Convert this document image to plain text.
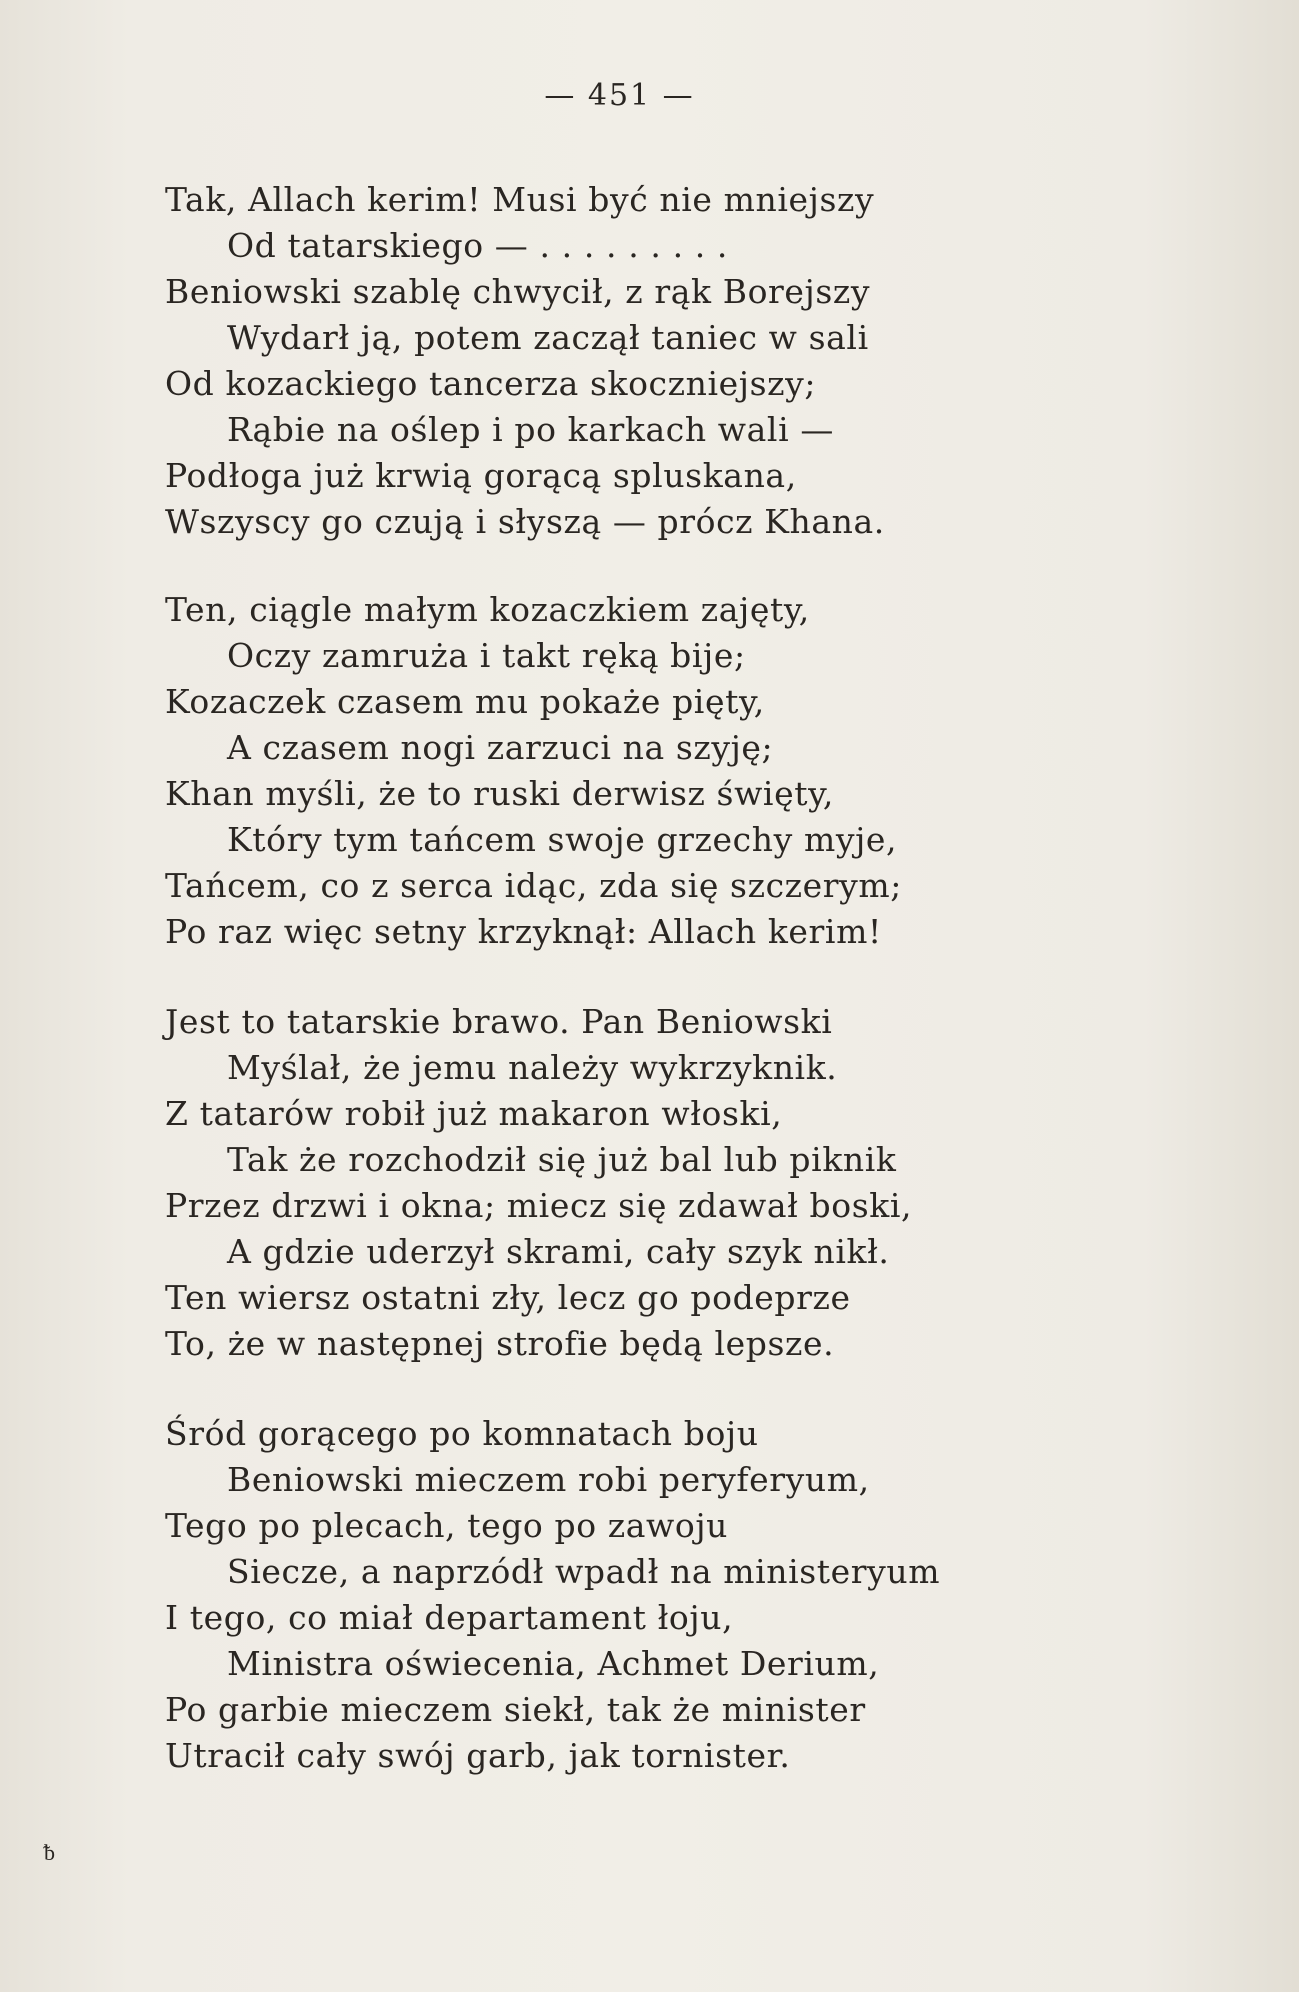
— 451 —
Tak, Allach kerim! Musi być nie mniejszy
Od tatarskiego — . . . . . . . . .
Beniowski szablę chwycił, z rąk Borejszy
Wydarł ją, potem zaczął taniec w sali
Od kozackiego tancerza skoczniejszy;
Rąbie na oślep i po karkach wali —
Podłoga już krwią gorącą spluskana,
Wszyscy go czują i słyszą — prócz Khana.
Ten, ciągle małym kozaczkiem zajęty,
Oczy zamruża i takt ręką bije;
Kozaczek czasem mu pokaże pięty,
A czasem nogi zarzuci na szyję;
Khan myśli, że to ruski derwisz święty,
Który tym tańcem swoje grzechy myje,
Tańcem, co z serca idąc, zda się szczerym;
Po raz więc setny krzyknął: Allach kerim!
Jest to tatarskie brawo. Pan Beniowski
Myślał, że jemu należy wykrzyknik.
Z tatarów robił już makaron włoski,
Tak że rozchodził się już bal lub piknik
Przez drzwi i okna; miecz się zdawał boski,
A gdzie uderzył skrami, cały szyk nikł.
Ten wiersz ostatni zły, lecz go podeprze
To, że w następnej strofie będą lepsze.
Śród gorącego po komnatach boju
Beniowski mieczem robi peryferyum,
Tego po plecach, tego po zawoju
Siecze, a naprzódł wpadł na ministeryum
I tego, co miał departament łoju,
Ministra oświecenia, Achmet Derium,
Po garbie mieczem siekł, tak że minister
Utracił cały swój garb, jak tornister.
ᵬ
